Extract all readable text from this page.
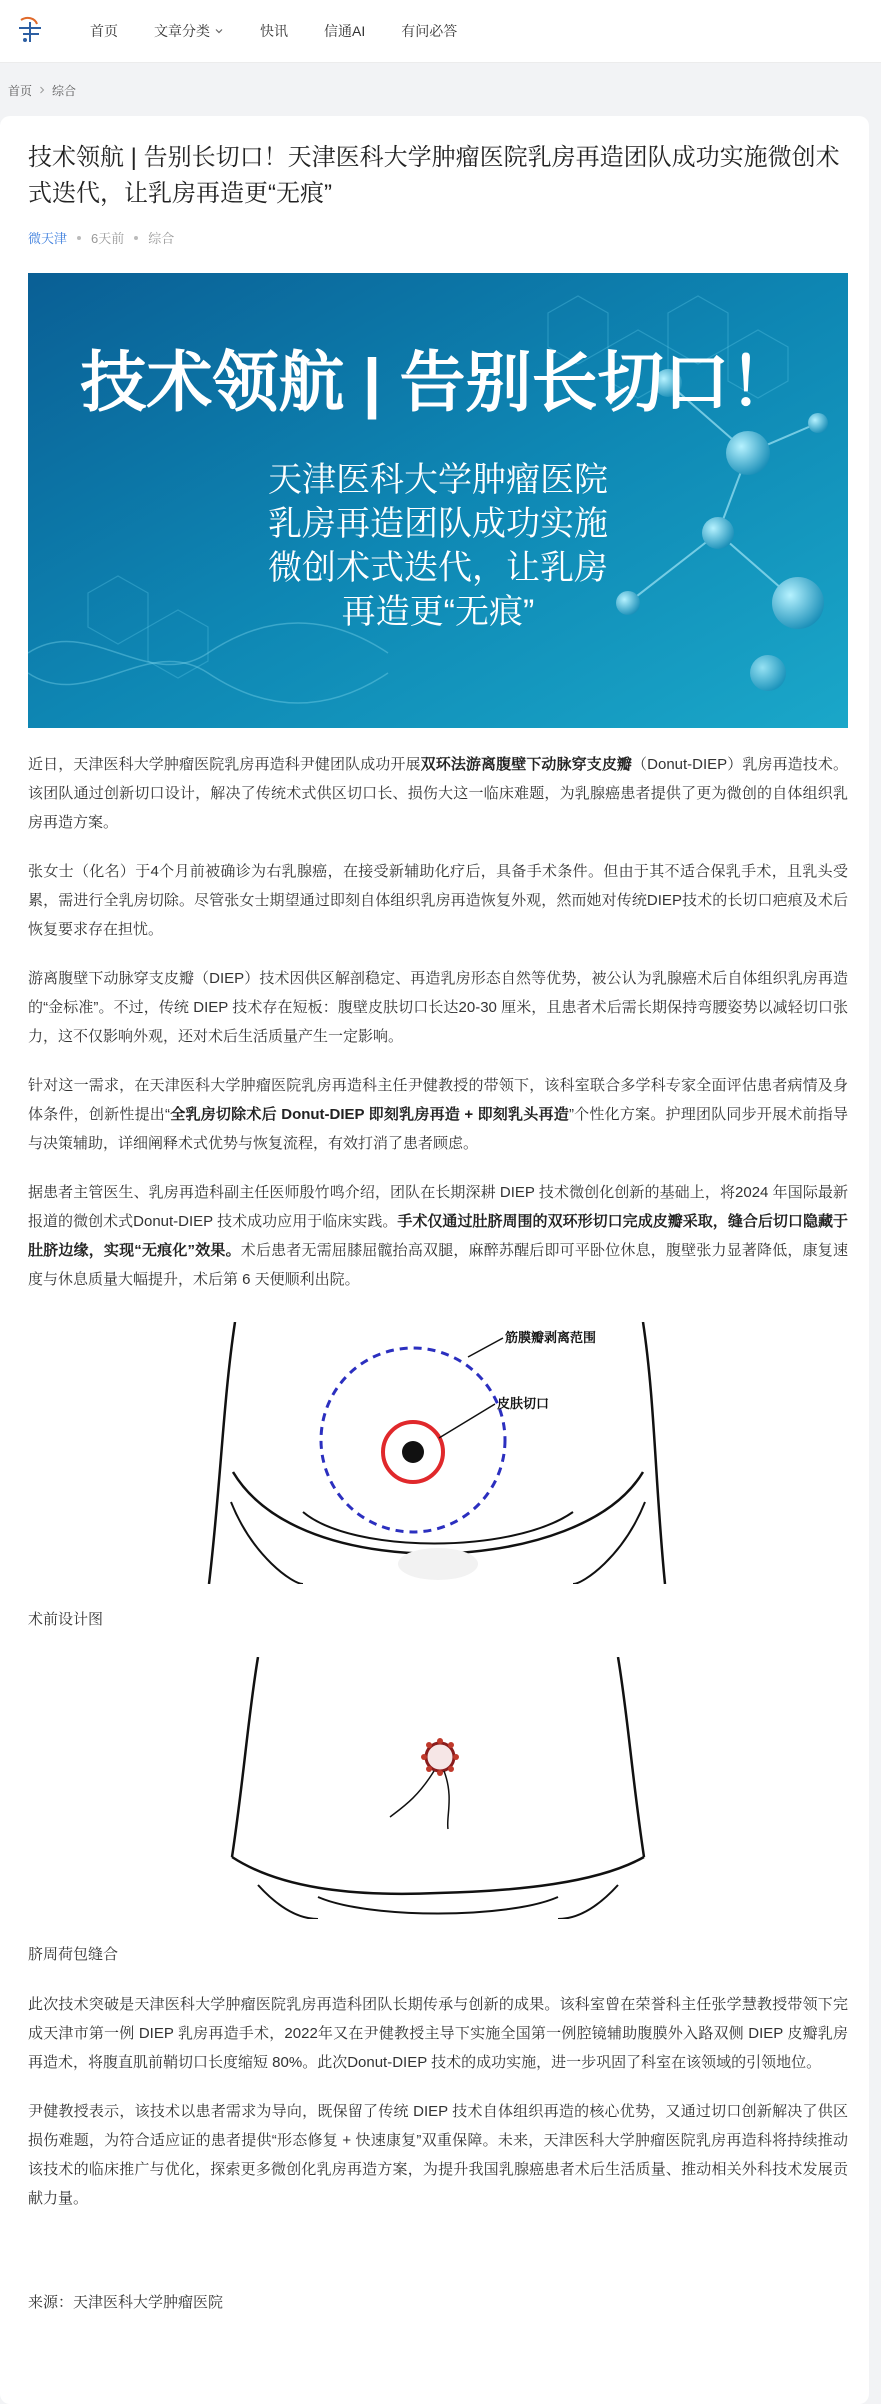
首页	文章分类	快讯	信通AI	有问必答
首页 综合
技术领航 | 告别长切口！天津医科大学肿瘤医院乳房再造团队成功实施微创术式迭代，让乳房再造更“无痕”
微天津 6天前 综合
技术领航 | 告别长切口！
天津医科大学肿瘤医院
乳房再造团队成功实施
微创术式迭代，让乳房
再造更“无痕”

近日，天津医科大学肿瘤医院乳房再造科尹健团队成功开展双环法游离腹壁下动脉穿支皮瓣（Donut-DIEP）乳房再造技术。该团队通过创新切口设计，解决了传统术式供区切口长、损伤大这一临床难题，为乳腺癌患者提供了更为微创的自体组织乳房再造方案。

张女士（化名）于4个月前被确诊为右乳腺癌，在接受新辅助化疗后，具备手术条件。但由于其不适合保乳手术，且乳头受累，需进行全乳房切除。尽管张女士期望通过即刻自体组织乳房再造恢复外观，然而她对传统DIEP技术的长切口疤痕及术后恢复要求存在担忧。

游离腹壁下动脉穿支皮瓣（DIEP）技术因供区解剖稳定、再造乳房形态自然等优势，被公认为乳腺癌术后自体组织乳房再造的“金标准”。不过，传统 DIEP 技术存在短板：腹壁皮肤切口长达20-30 厘米，且患者术后需长期保持弯腰姿势以减轻切口张力，这不仅影响外观，还对术后生活质量产生一定影响。

针对这一需求，在天津医科大学肿瘤医院乳房再造科主任尹健教授的带领下，该科室联合多学科专家全面评估患者病情及身体条件，创新性提出“全乳房切除术后 Donut-DIEP 即刻乳房再造 + 即刻乳头再造”个性化方案。护理团队同步开展术前指导与决策辅助，详细阐释术式优势与恢复流程，有效打消了患者顾虑。

据患者主管医生、乳房再造科副主任医师殷竹鸣介绍，团队在长期深耕 DIEP 技术微创化创新的基础上，将2024 年国际最新报道的微创术式Donut-DIEP 技术成功应用于临床实践。手术仅通过肚脐周围的双环形切口完成皮瓣采取，缝合后切口隐藏于肚脐边缘，实现“无痕化”效果。术后患者无需屈膝屈髋抬高双腿，麻醉苏醒后即可平卧位休息，腹壁张力显著降低，康复速度与休息质量大幅提升，术后第 6 天便顺利出院。

筋膜瓣剥离范围
皮肤切口
术前设计图
脐周荷包缝合

此次技术突破是天津医科大学肿瘤医院乳房再造科团队长期传承与创新的成果。该科室曾在荣誉科主任张学慧教授带领下完成天津市第一例 DIEP 乳房再造手术，2022年又在尹健教授主导下实施全国第一例腔镜辅助腹膜外入路双侧 DIEP 皮瓣乳房再造术，将腹直肌前鞘切口长度缩短 80%。此次Donut-DIEP 技术的成功实施，进一步巩固了科室在该领域的引领地位。

尹健教授表示，该技术以患者需求为导向，既保留了传统 DIEP 技术自体组织再造的核心优势，又通过切口创新解决了供区损伤难题，为符合适应证的患者提供“形态修复 + 快速康复”双重保障。未来，天津医科大学肿瘤医院乳房再造科将持续推动该技术的临床推广与优化，探索更多微创化乳房再造方案，为提升我国乳腺癌患者术后生活质量、推动相关外科技术发展贡献力量。

来源：天津医科大学肿瘤医院
